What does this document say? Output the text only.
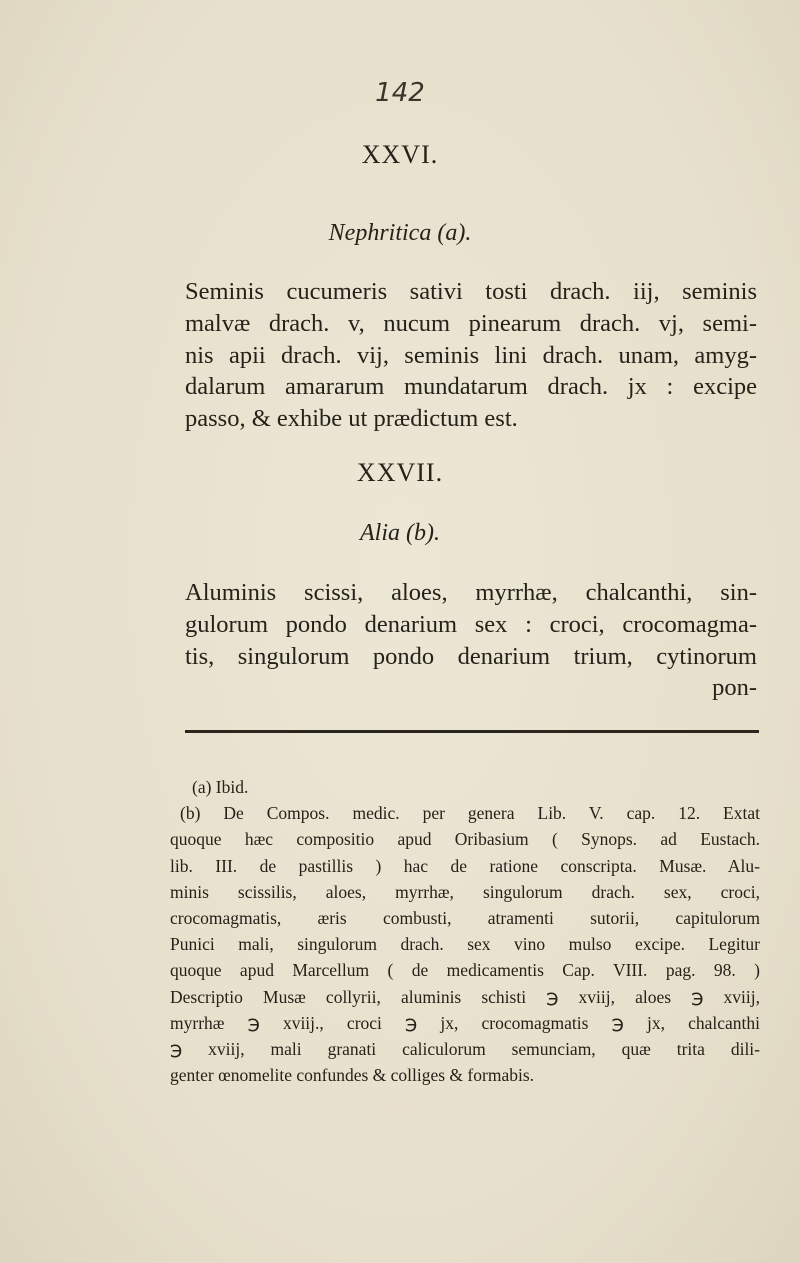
142
XXVI.
Nephritica (a).
Seminis cucumeris sativi tosti drach. iij, seminis
malvæ drach. v, nucum pinearum drach. vj, semi-
nis apii drach. vij, seminis lini drach. unam, amyg-
dalarum amararum mundatarum drach. jx : excipe
passo, & exhibe ut prædictum est.
XXVII.
Alia (b).
Aluminis scissi, aloes, myrrhæ, chalcanthi, sin-
gulorum pondo denarium sex : croci, crocomagma-
tis, singulorum pondo denarium trium, cytinorum
pon-
(a) Ibid.
(b) De Compos. medic. per genera Lib. V. cap. 12. Extat
quoque hæc compositio apud Oribasium ( Synops. ad Eustach.
lib. III. de pastillis ) hac de ratione conscripta. Musæ. Alu-
minis scissilis, aloes, myrrhæ, singulorum drach. sex, croci,
crocomagmatis, æris combusti, atramenti sutorii, capitulorum
Punici mali, singulorum drach. sex vino mulso excipe. Legitur
quoque apud Marcellum ( de medicamentis Cap. VIII. pag. 98. )
Descriptio Musæ collyrii, aluminis schisti ℈ xviij, aloes ℈ xviij,
myrrhæ ℈ xviij., croci ℈ jx, crocomagmatis ℈ jx, chalcanthi
℈ xviij, mali granati caliculorum semunciam, quæ trita dili-
genter œnomelite confundes & colliges & formabis.
